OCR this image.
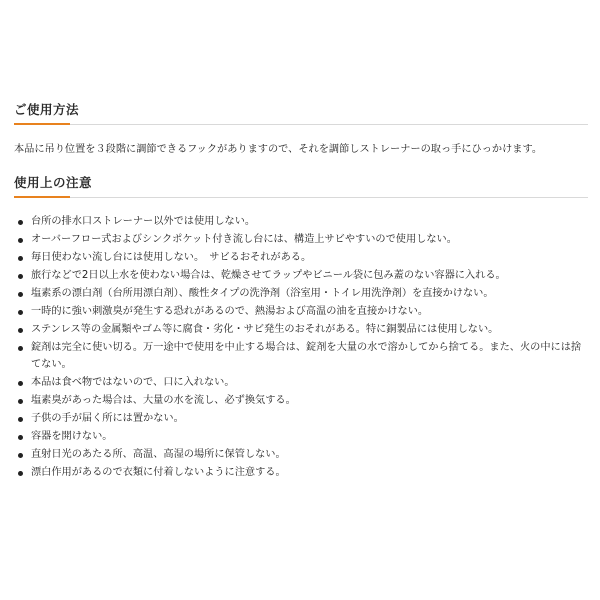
ご使用方法
本品に吊り位置を３段階に調節できるフックがありますので、それを調節しストレーナーの取っ手にひっかけます。
使用上の注意
台所の排水口ストレーナー以外では使用しない。
オーバーフロー式およびシンクポケット付き流し台には、構造上サビやすいので使用しない。
毎日使わない流し台には使用しない。　サビるおそれがある。
旅行などで2日以上水を使わない場合は、乾燥させてラップやビニール袋に包み蓋のない容器に入れる。
塩素系の漂白剤（台所用漂白剤）、酸性タイプの洗浄剤（浴室用・トイレ用洗浄剤）を直接かけない。
一時的に強い刺激臭が発生する恐れがあるので、熱湯および高温の油を直接かけない。
ステンレス等の金属類やゴム等に腐食・劣化・サビ発生のおそれがある。特に銅製品には使用しない。
錠剤は完全に使い切る。万一途中で使用を中止する場合は、錠剤を大量の水で溶かしてから捨てる。また、火の中には捨てない。
本品は食べ物ではないので、口に入れない。
塩素臭があった場合は、大量の水を流し、必ず換気する。
子供の手が届く所には置かない。
容器を開けない。
直射日光のあたる所、高温、高湿の場所に保管しない。
漂白作用があるので衣類に付着しないように注意する。
